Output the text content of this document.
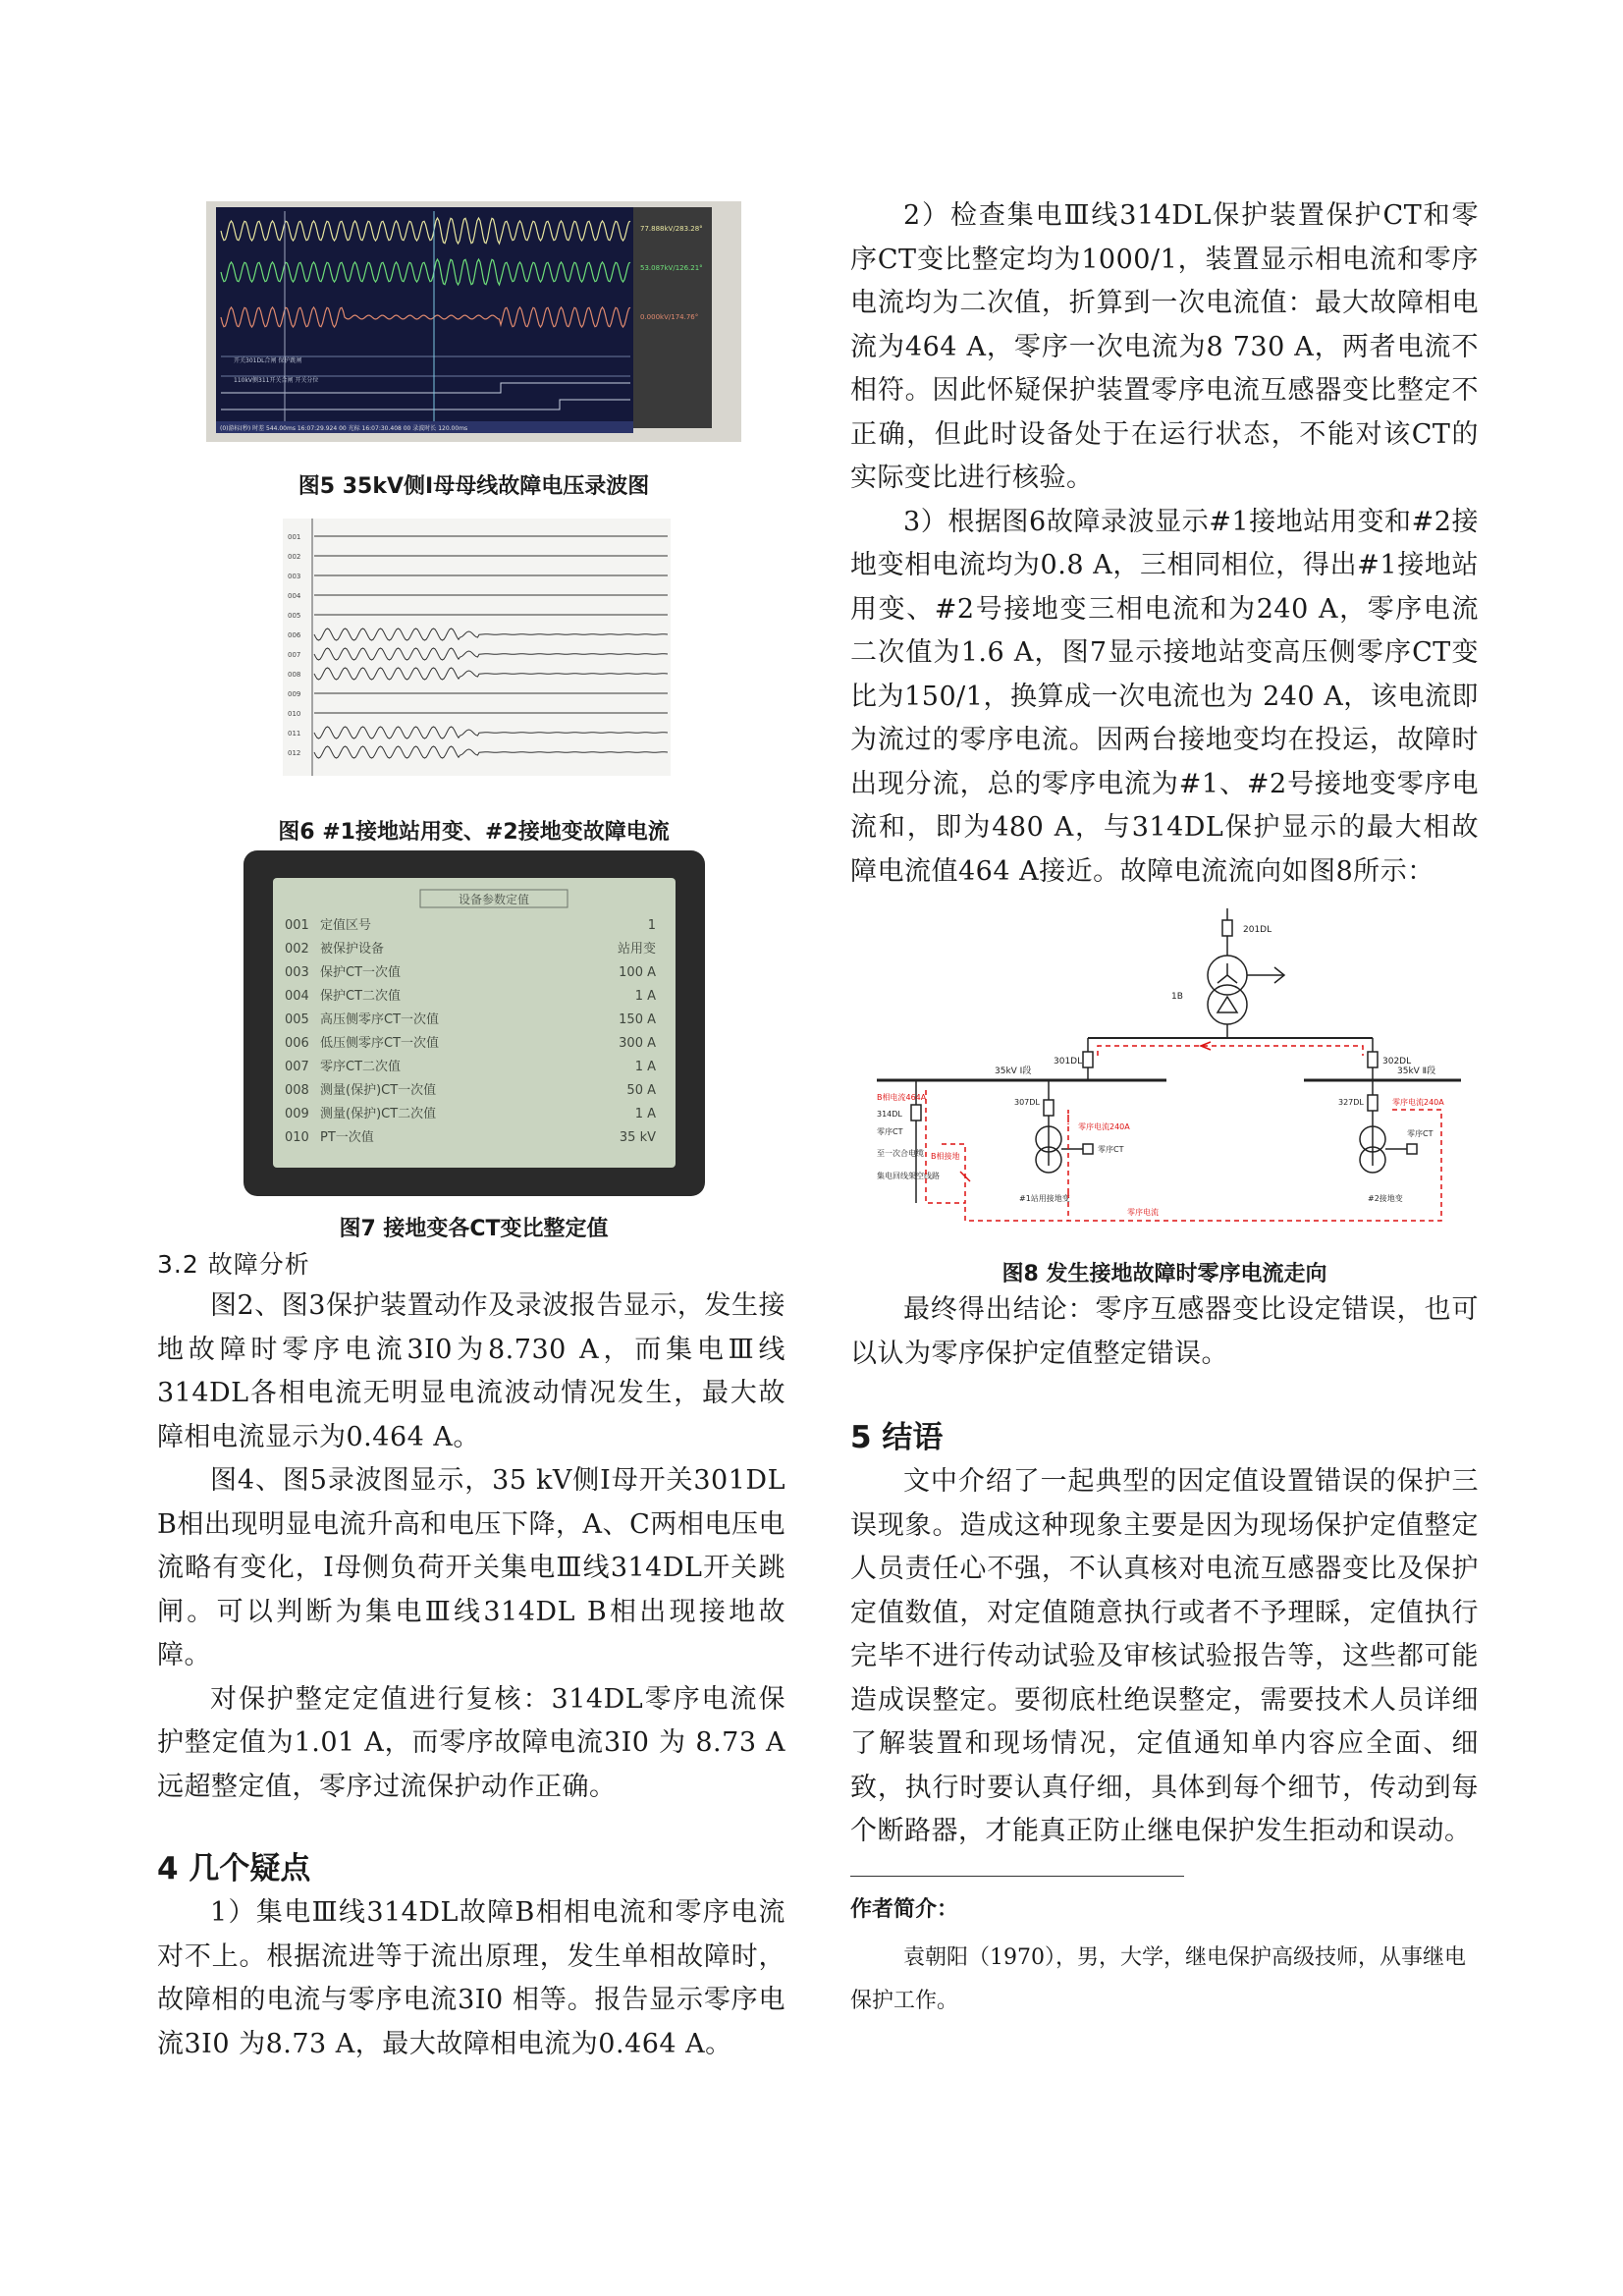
77.888kV/283.28°
53.087kV/126.21°
0.000kV/174.76°
开关301DL合闸 保护跳闸
110kV侧311开关合闸 开关分位
(0)游标(秒) 时差 544.00ms 16:07:29.924 00 光标 16:07:30.408 00 录波时长 120.00ms
图5 35kV侧Ⅰ母母线故障电压录波图
001
002
003
004
005
006
007
008
009
010
011
012
图6 #1接地站用变、#2接地变故障电流
设备参数定值
001 定值区号	1
002 被保护设备	站用变
003 保护CT一次值	100 A
004 保护CT二次值	1 A
005 高压侧零序CT一次值	150 A
006 低压侧零序CT一次值	300 A
007 零序CT二次值	1 A
008 测量(保护)CT一次值	50 A
009 测量(保护)CT二次值	1 A
010 PT一次值	35 kV
图7 接地变各CT变比整定值
3.2 故障分析

图2、图3保护装置动作及录波报告显示，发生接地故障时零序电流3I0为8.730 A，而集电Ⅲ线314DL各相电流无明显电流波动情况发生，最大故障相电流显示为0.464 A。

图4、图5录波图显示，35 kV侧Ⅰ母开关301DL B相出现明显电流升高和电压下降，A、C两相电压电流略有变化，Ⅰ母侧负荷开关集电Ⅲ线314DL开关跳闸。可以判断为集电Ⅲ线314DL B相出现接地故障。

对保护整定定值进行复核：314DL零序电流保护整定值为1.01 A，而零序故障电流3I0 为 8.73 A远超整定值，零序过流保护动作正确。

4 几个疑点

1）集电Ⅲ线314DL故障B相相电流和零序电流对不上。根据流进等于流出原理，发生单相故障时，故障相的电流与零序电流3I0 相等。报告显示零序电流3I0 为8.73 A，最大故障相电流为0.464 A。

2）检查集电Ⅲ线314DL保护装置保护CT和零序CT变比整定均为1000/1，装置显示相电流和零序电流均为二次值，折算到一次电流值：最大故障相电流为464 A，零序一次电流为8 730 A，两者电流不相符。因此怀疑保护装置零序电流互感器变比整定不正确，但此时设备处于在运行状态，不能对该CT的实际变比进行核验。

3）根据图6故障录波显示#1接地站用变和#2接地变相电流均为0.8 A，三相同相位，得出#1接地站用变、#2号接地变三相电流和为240 A，零序电流二次值为1.6 A，图7显示接地站变高压侧零序CT变比为150/1，换算成一次电流也为 240 A，该电流即为流过的零序电流。因两台接地变均在投运，故障时出现分流，总的零序电流为#1、#2号接地变零序电流和，即为480 A，与314DL保护显示的最大相故障电流值464 A接近。故障电流流向如图8所示：

201DL
1B
301DL	302DL
35kV Ⅰ段	35kV Ⅱ段
B相电流464A
314DL
零序CT
至一次合电缆
集电回线架空线路
B相接地
307DL
零序CT
#1站用接地变
零序电流240A
327DL
零序CT
零序电流240A
#2接地变
零序电流
图8 发生接地故障时零序电流走向

最终得出结论：零序互感器变比设定错误，也可以认为零序保护定值整定错误。

5 结语

文中介绍了一起典型的因定值设置错误的保护三误现象。造成这种现象主要是因为现场保护定值整定人员责任心不强，不认真核对电流互感器变比及保护定值数值，对定值随意执行或者不予理睬，定值执行完毕不进行传动试验及审核试验报告等，这些都可能造成误整定。要彻底杜绝误整定，需要技术人员详细了解装置和现场情况，定值通知单内容应全面、细致，执行时要认真仔细，具体到每个细节，传动到每个断路器，才能真正防止继电保护发生拒动和误动。

作者简介：

袁朝阳（1970），男，大学，继电保护高级技师，从事继电保护工作。
